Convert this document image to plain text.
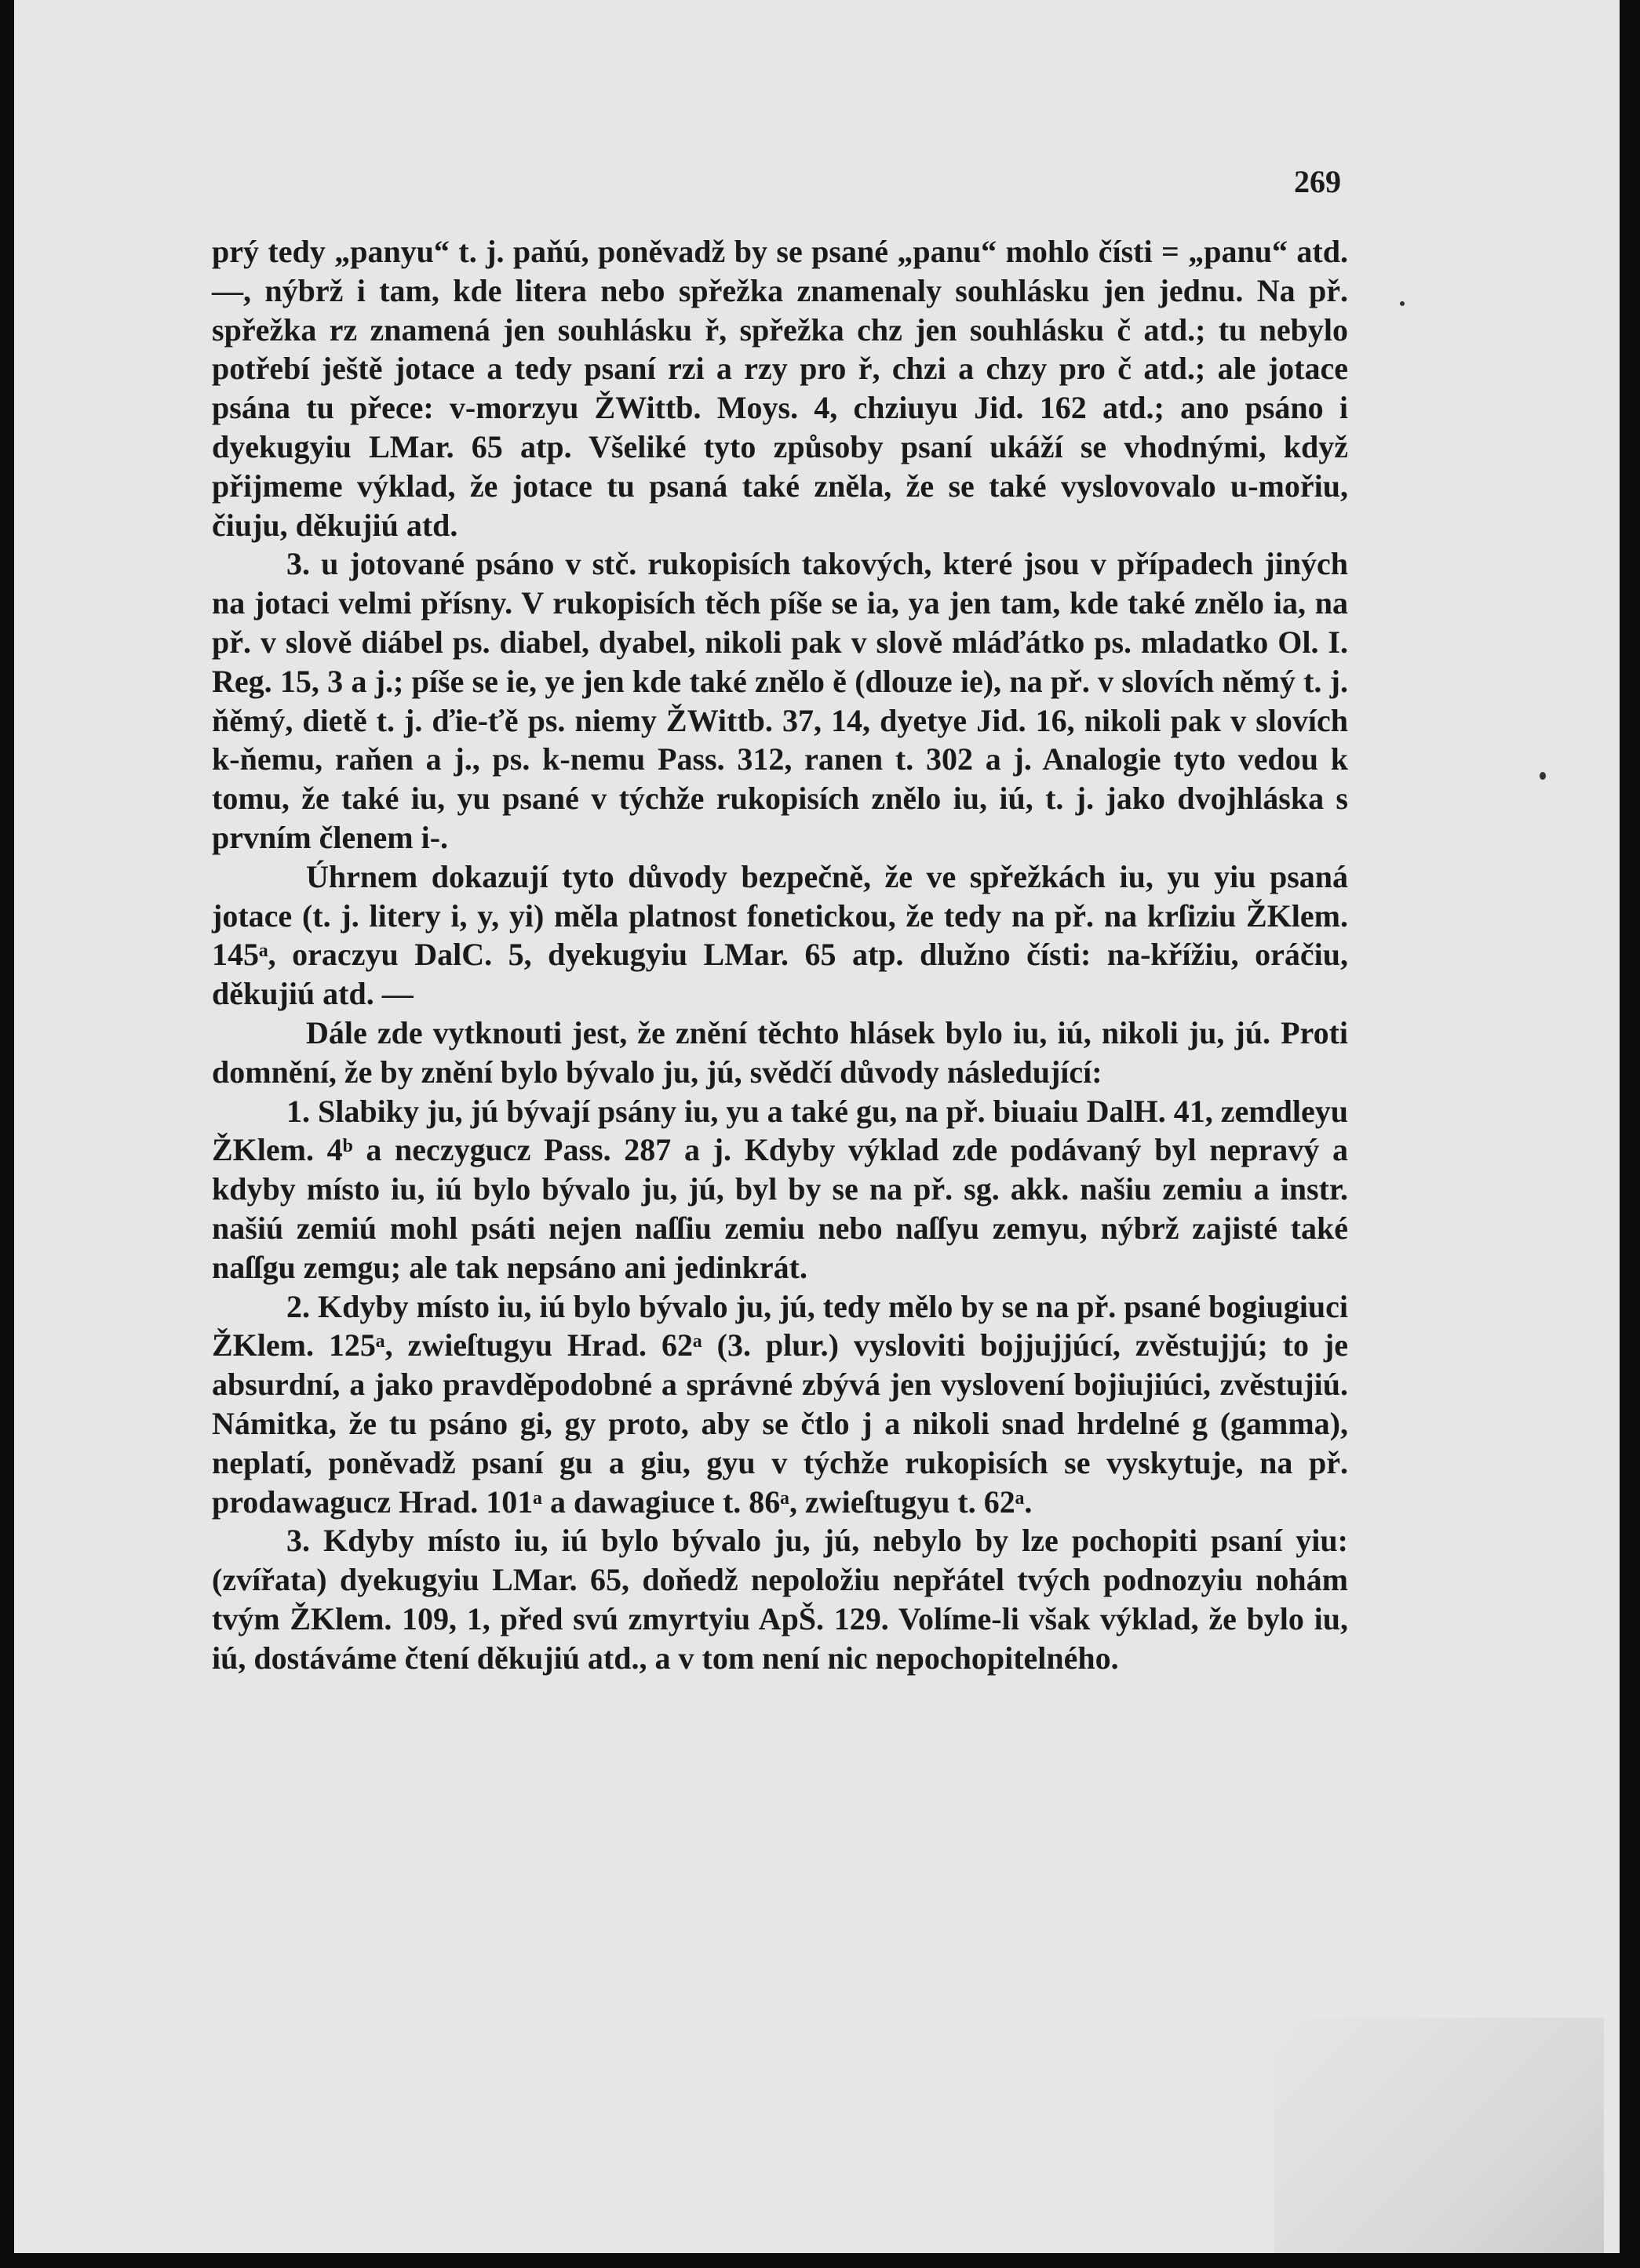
269

prý tedy „panyu“ t. j. paňú, poněvadž by se psané „panu“ mohlo čísti = „panu“ atd. —, nýbrž i tam, kde litera nebo spřežka znamenaly souhlásku jen jednu. Na př. spřežka rz znamená jen souhlásku ř, spřežka chz jen souhlásku č atd.; tu nebylo potřebí ještě jotace a tedy psaní rzi a rzy pro ř, chzi a chzy pro č atd.; ale jotace psána tu přece: v-morzyu ŽWittb. Moys. 4, chziuyu Jid. 162 atd.; ano psáno i dyekugyiu LMar. 65 atp. Všeliké tyto způsoby psaní ukáží se vhodnými, když přijmeme výklad, že jotace tu psaná také zněla, že se také vyslovovalo u-mořiu, čiuju, děkujiú atd.

3. u jotované psáno v stč. rukopisích takových, které jsou v případech jiných na jotaci velmi přísny. V rukopisích těch píše se ia, ya jen tam, kde také znělo ia, na př. v slově diábel ps. diabel, dyabel, nikoli pak v slově mláďátko ps. mladatko Ol. I. Reg. 15, 3 a j.; píše se ie, ye jen kde také znělo ě (dlouze ie), na př. v slovích němý t. j. ňěmý, dietě t. j. ďie-ťě ps. niemy ŽWittb. 37, 14, dyetye Jid. 16, nikoli pak v slovích k-ňemu, raňen a j., ps. k-nemu Pass. 312, ranen t. 302 a j. Analogie tyto vedou k tomu, že také iu, yu psané v týchže rukopisích znělo iu, iú, t. j. jako dvojhláska s prvním členem i-.

Úhrnem dokazují tyto důvody bezpečně, že ve spřežkách iu, yu yiu psaná jotace (t. j. litery i, y, yi) měla platnost fonetickou, že tedy na př. na krſiziu ŽKlem. 145ᵃ, oraczyu DalC. 5, dyekugyiu LMar. 65 atp. dlužno čísti: na-křížiu, oráčiu, děkujiú atd. —

Dále zde vytknouti jest, že znění těchto hlásek bylo iu, iú, nikoli ju, jú. Proti domnění, že by znění bylo bývalo ju, jú, svědčí důvody následující:

1. Slabiky ju, jú bývají psány iu, yu a také gu, na př. biuaiu DalH. 41, zemdleyu ŽKlem. 4ᵇ a neczygucz Pass. 287 a j. Kdyby výklad zde podávaný byl nepravý a kdyby místo iu, iú bylo bývalo ju, jú, byl by se na př. sg. akk. našiu zemiu a instr. našiú zemiú mohl psáti nejen naſſiu zemiu nebo naſſyu zemyu, nýbrž zajisté také naſſgu zemgu; ale tak nepsáno ani jedinkrát.

2. Kdyby místo iu, iú bylo bývalo ju, jú, tedy mělo by se na př. psané bogiugiuci ŽKlem. 125ᵃ, zwieſtugyu Hrad. 62ᵃ (3. plur.) vysloviti bojjujjúcí, zvěstujjú; to je absurdní, a jako pravděpodobné a správné zbývá jen vyslovení bojiujiúci, zvěstujiú. Námitka, že tu psáno gi, gy proto, aby se čtlo j a nikoli snad hrdelné g (gamma), neplatí, poněvadž psaní gu a giu, gyu v týchže rukopisích se vyskytuje, na př. prodawagucz Hrad. 101ᵃ a dawagiuce t. 86ᵃ, zwieſtugyu t. 62ᵃ.

3. Kdyby místo iu, iú bylo bývalo ju, jú, nebylo by lze pochopiti psaní yiu: (zvířata) dyekugyiu LMar. 65, doňedž nepoložiu nepřátel tvých podnozyiu nohám tvým ŽKlem. 109, 1, před svú zmyrtyiu ApŠ. 129. Volíme-li však výklad, že bylo iu, iú, dostáváme čtení děkujiú atd., a v tom není nic nepochopitelného.
